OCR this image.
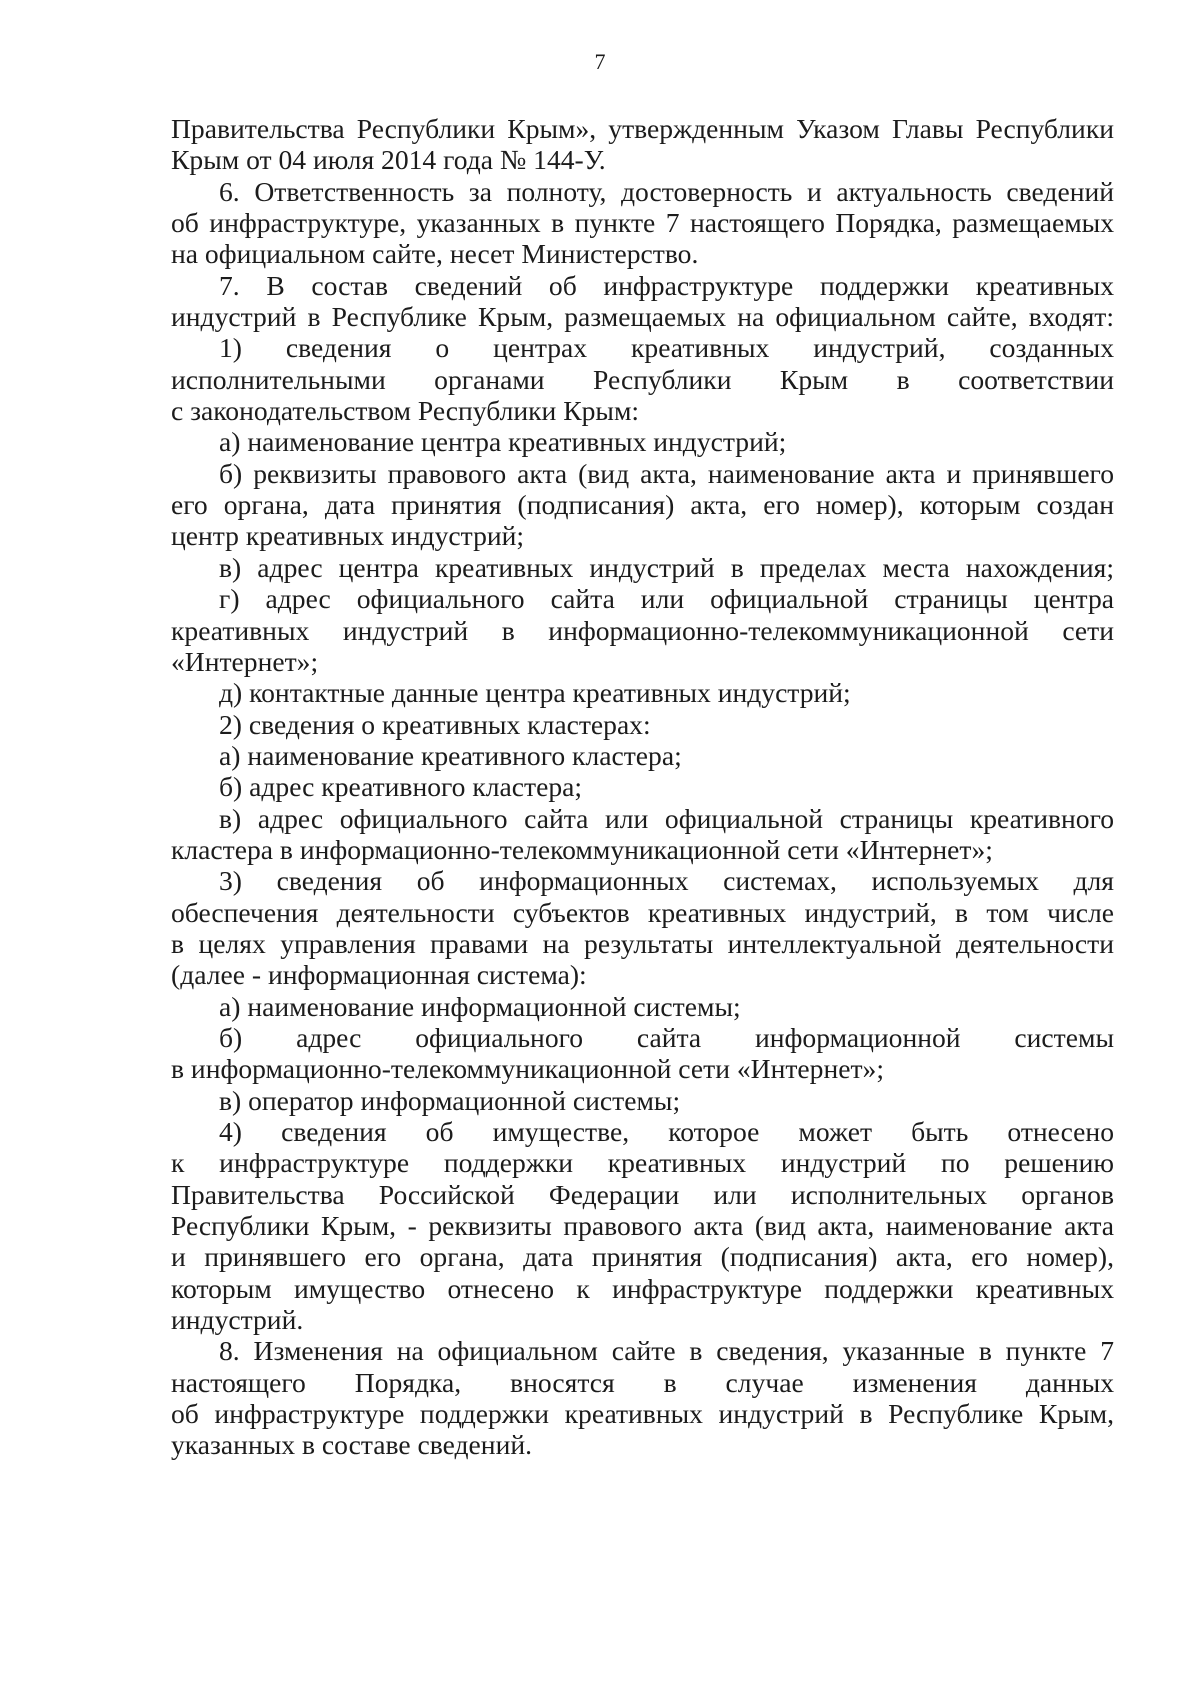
7
Правительства Республики Крым», утвержденным Указом Главы Республики
Крым от 04 июля 2014 года № 144-У.
6. Ответственность за полноту, достоверность и актуальность сведений
об инфраструктуре, указанных в пункте 7 настоящего Порядка, размещаемых
на официальном сайте, несет Министерство.
7. В состав сведений об инфраструктуре поддержки креативных
индустрий в Республике Крым, размещаемых на официальном сайте, входят:
1) сведения о центрах креативных индустрий, созданных
исполнительными органами Республики Крым в соответствии
с законодательством Республики Крым:
а) наименование центра креативных индустрий;
б) реквизиты правового акта (вид акта, наименование акта и принявшего
его органа, дата принятия (подписания) акта, его номер), которым создан
центр креативных индустрий;
в) адрес центра креативных индустрий в пределах места нахождения;
г) адрес официального сайта или официальной страницы центра
креативных индустрий в информационно-телекоммуникационной сети
«Интернет»;
д) контактные данные центра креативных индустрий;
2) сведения о креативных кластерах:
а) наименование креативного кластера;
б) адрес креативного кластера;
в) адрес официального сайта или официальной страницы креативного
кластера в информационно-телекоммуникационной сети «Интернет»;
3) сведения об информационных системах, используемых для
обеспечения деятельности субъектов креативных индустрий, в том числе
в целях управления правами на результаты интеллектуальной деятельности
(далее - информационная система):
а) наименование информационной системы;
б) адрес официального сайта информационной системы
в информационно-телекоммуникационной сети «Интернет»;
в) оператор информационной системы;
4) сведения об имуществе, которое может быть отнесено
к инфраструктуре поддержки креативных индустрий по решению
Правительства Российской Федерации или исполнительных органов
Республики Крым, - реквизиты правового акта (вид акта, наименование акта
и принявшего его органа, дата принятия (подписания) акта, его номер),
которым имущество отнесено к инфраструктуре поддержки креативных
индустрий.
8. Изменения на официальном сайте в сведения, указанные в пункте 7
настоящего Порядка, вносятся в случае изменения данных
об инфраструктуре поддержки креативных индустрий в Республике Крым,
указанных в составе сведений.
